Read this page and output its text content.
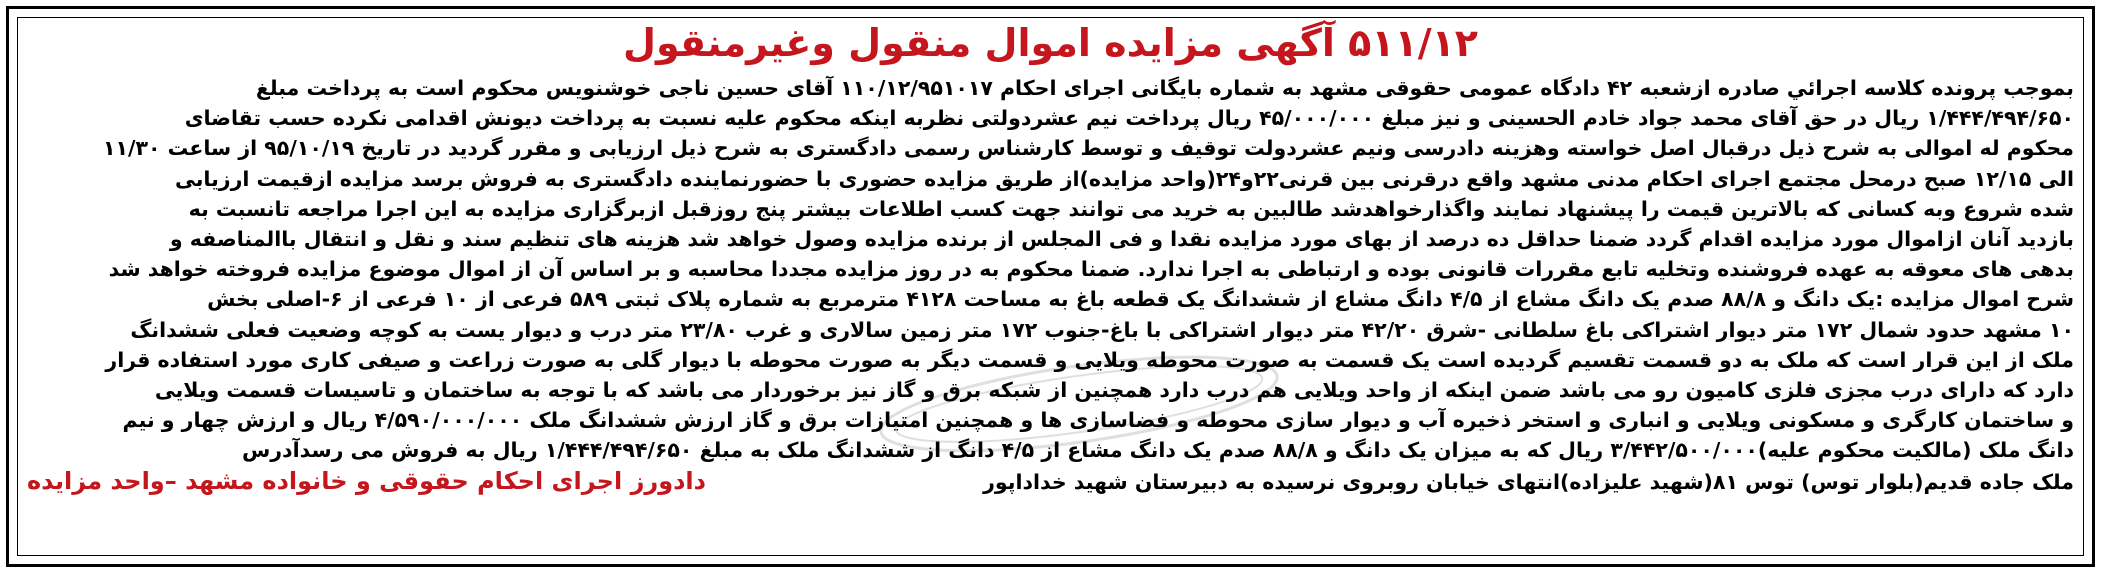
۵۱۱/۱۲ آگهی مزایده اموال منقول وغیرمنقول
بموجب پرونده کلاسه اجرائي صادره ازشعبه ۴۲ دادگاه عمومی حقوقی مشهد به شماره بایگانی اجرای احکام ۱۱۰/۱۲/۹۵۱۰۱۷ آقای حسین ناجی خوشنویس محکوم است به پرداخت مبلغ
۱/۴۴۴/۴۹۴/۶۵۰ ریال در حق آقای محمد جواد خادم الحسینی و نیز مبلغ ۴۵/۰۰۰/۰۰۰ ریال پرداخت نیم عشردولتی نظربه اینکه محکوم علیه نسبت به پرداخت دیونش اقدامی نکرده حسب تقاضای
محکوم له اموالی به شرح ذیل درقبال اصل خواسته وهزینه دادرسی ونیم عشردولت توقیف و توسط کارشناس رسمی دادگستری به شرح ذیل ارزیابی و مقرر گردید در تاریخ ۹۵/۱۰/۱۹ از ساعت ۱۱/۳۰
الی ۱۲/۱۵ صبح درمحل مجتمع اجرای احکام مدنی مشهد واقع درقرنی بین قرنی۲۲و۲۴(واحد مزایده)از طریق مزایده حضوری با حضورنماینده دادگستری به فروش برسد مزایده ازقیمت ارزیابی
شده شروع وبه کسانی که بالاترین قیمت را پیشنهاد نمایند واگذارخواهدشد طالبین به خرید می توانند جهت کسب اطلاعات بیشتر پنج روزقبل ازبرگزاری مزایده به این اجرا مراجعه تانسبت به
بازدید آنان ازاموال مورد مزایده اقدام گردد ضمنا حداقل ده درصد از بهای مورد مزایده نقدا و فی المجلس از برنده مزایده وصول خواهد شد هزینه های تنظیم سند و نقل و انتقال باالمناصفه و
بدهی های معوقه به عهده فروشنده وتخلیه تابع مقررات قانونی بوده و ارتباطی به اجرا ندارد. ضمنا محکوم به در روز مزایده مجددا محاسبه و بر اساس آن از اموال موضوع مزایده فروخته خواهد شد
شرح اموال مزایده :یک دانگ و ۸۸/۸ صدم یک دانگ مشاع از ۴/۵ دانگ مشاع از ششدانگ یک قطعه باغ به مساحت ۴۱۲۸ مترمربع به شماره پلاک ثبتی ۵۸۹ فرعی از ۱۰ فرعی از ۶-اصلی بخش
۱۰ مشهد حدود شمال ۱۷۲ متر دیوار اشتراکی باغ سلطانی -شرق ۴۲/۲۰ متر دیوار اشتراکی با باغ-جنوب ۱۷۲ متر زمین سالاری و غرب ۲۳/۸۰ متر درب و دیوار یست به کوچه وضعیت فعلی ششدانگ
ملک از این قرار است که ملک به دو قسمت تقسیم گردیده است یک قسمت به صورت محوطه ویلایی و قسمت دیگر به صورت محوطه با دیوار گلی به صورت زراعت و صیفی کاری مورد استفاده قرار
دارد که دارای درب مجزی فلزی کامیون رو می باشد ضمن اینکه از واحد ویلایی هم درب دارد همچنین از شبکه برق و گاز نیز برخوردار می باشد که با توجه به ساختمان و تاسیسات قسمت ویلایی
و ساختمان کارگری و مسکونی ویلایی و انباری و استخر ذخیره آب و دیوار سازی محوطه و فضاسازی ها و همچنین امتیازات برق و گاز ارزش ششدانگ ملک ۴/۵۹۰/۰۰۰/۰۰۰ ریال و ارزش چهار و نیم
دانگ ملک (مالکیت محکوم علیه)۳/۴۴۲/۵۰۰/۰۰۰ ریال که به میزان یک دانگ و ۸۸/۸ صدم یک دانگ مشاع از ۴/۵ دانگ از ششدانگ ملک به مبلغ ۱/۴۴۴/۴۹۴/۶۵۰ ریال به فروش می رسدآدرس
ملک جاده قدیم(بلوار توس) توس ۸۱(شهید علیزاده)انتهای خیابان روبروی نرسیده به دبیرستان شهید خداداپور
دادورز اجرای احکام حقوقی و خانواده مشهد –واحد مزایده
